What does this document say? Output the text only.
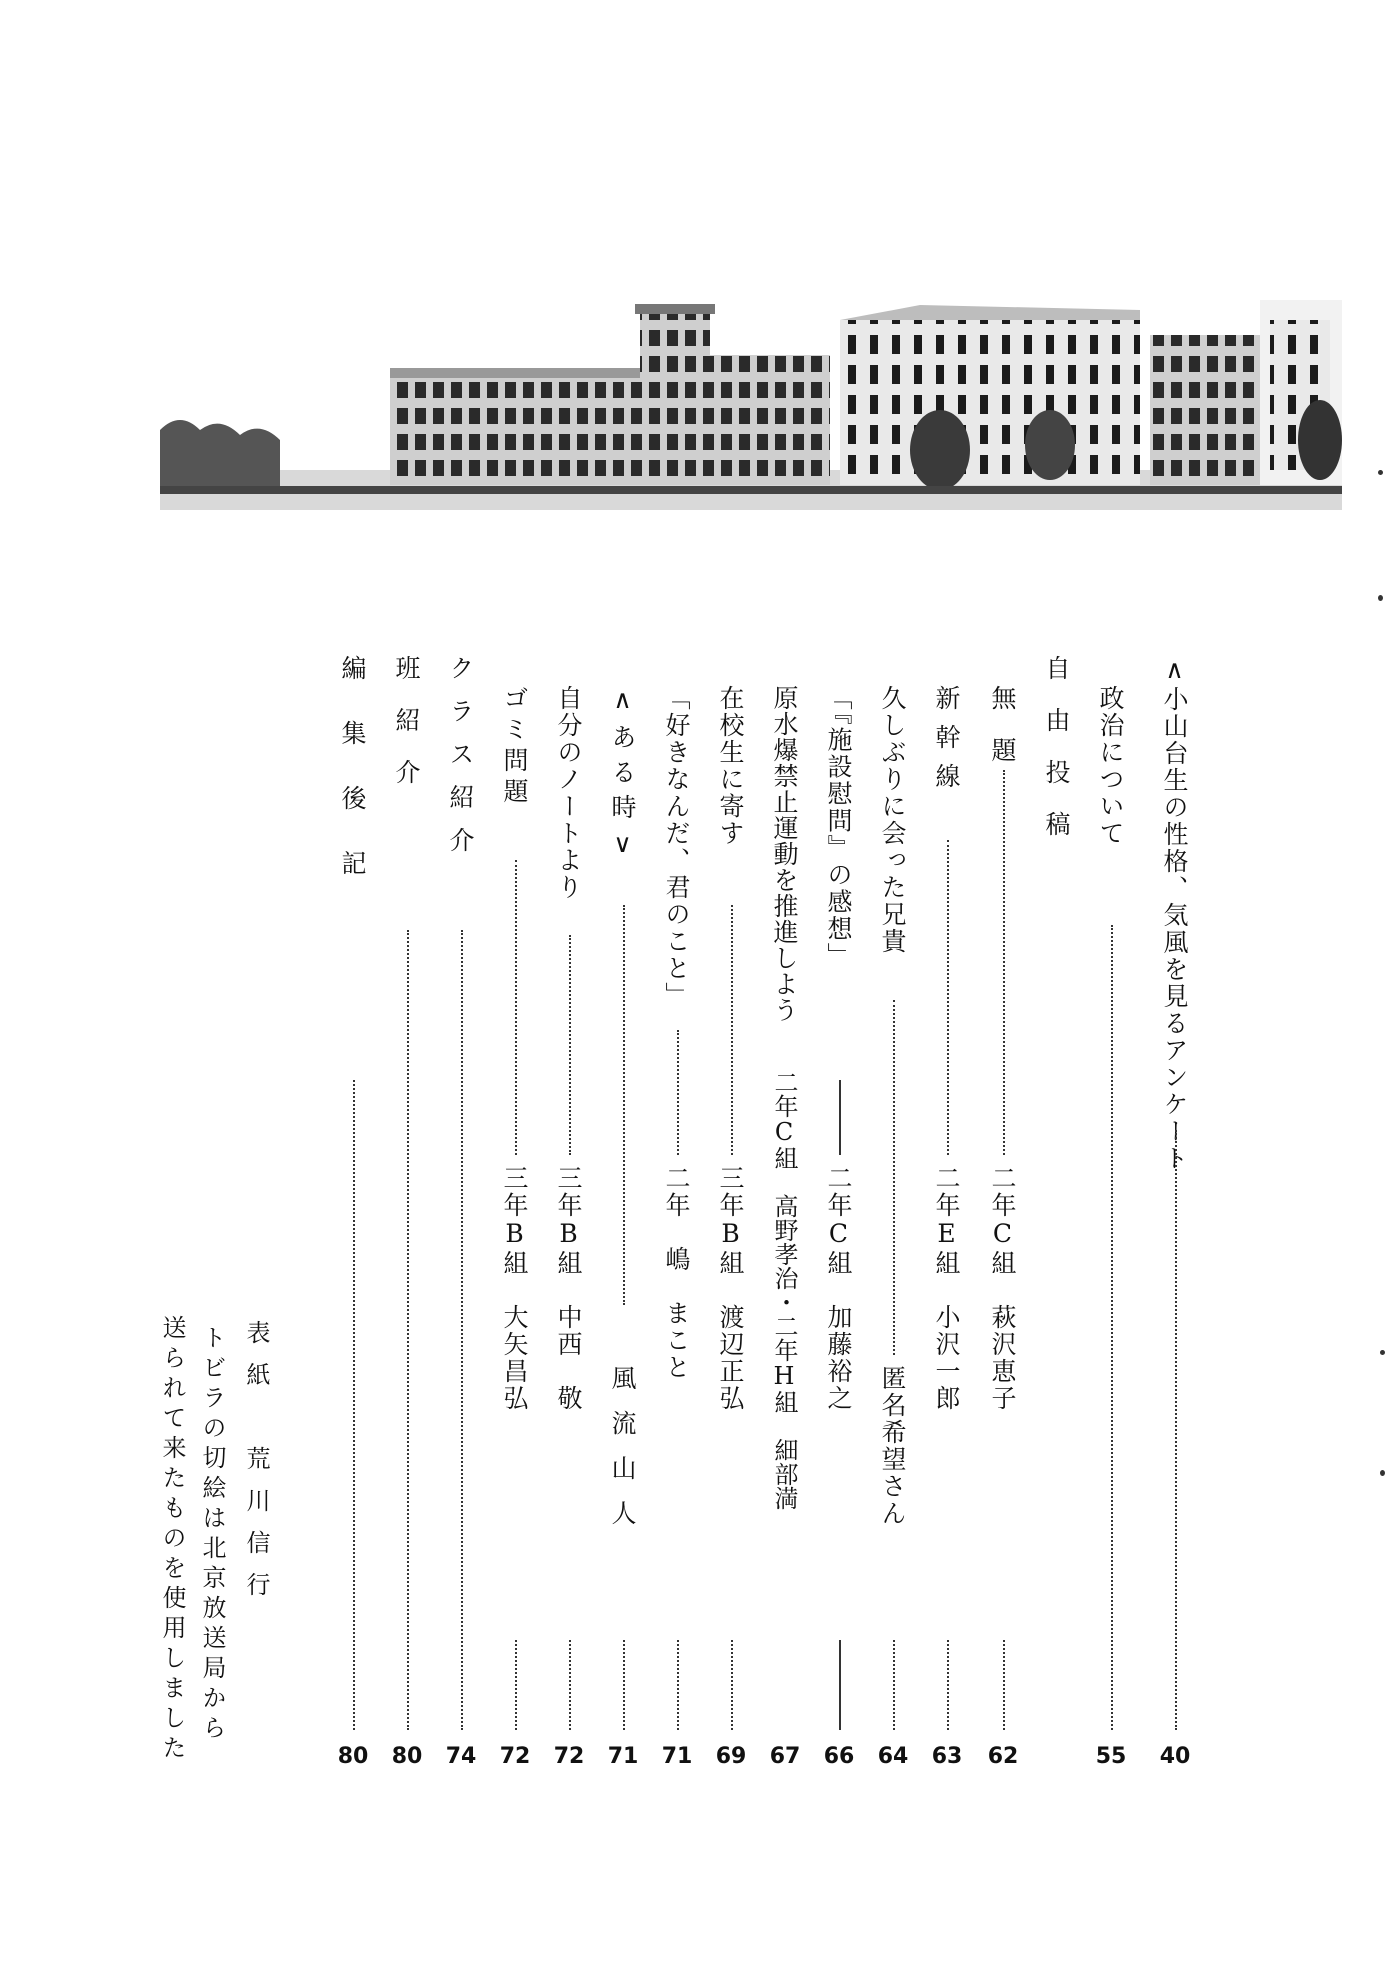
∧小山台生の性格、気風を見るアンケート
40
政治について
55
自由投稿
無題
二年C組　萩沢恵子
62
新幹線
二年E組　小沢一郎
63
久しぶりに会った兄貴
匿名希望さん
64
「『施設慰問』の感想」
二年C組　加藤裕之
66
原水爆禁止運動を推進しよう
二年C組　高野孝治・二年H組　細部満
67
在校生に寄す
三年B組　渡辺正弘
69
「好きなんだ、君のこと」
二年　嶋　まこと
71
∧ある時∨
風流山人
71
自分のノートより
三年B組　中西　敬
72
ゴミ問題
三年B組　大矢昌弘
72
クラス紹介
74
班紹介
80
編集後記
80
表紙　荒川信行
トビラの切絵は北京放送局から
送られて来たものを使用しました
